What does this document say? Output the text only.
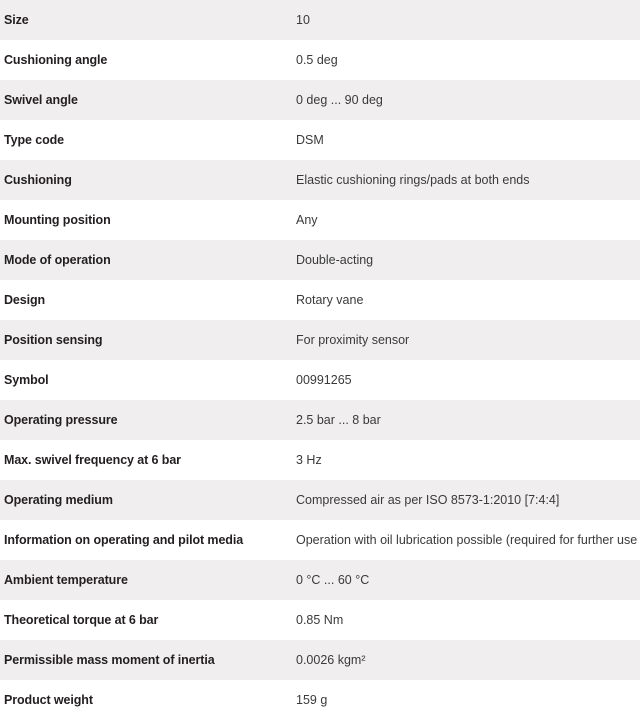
Size	10
Cushioning angle	0.5 deg
Swivel angle	0 deg ... 90 deg
Type code	DSM
Cushioning	Elastic cushioning rings/pads at both ends
Mounting position	Any
Mode of operation	Double-acting
Design	Rotary vane
Position sensing	For proximity sensor
Symbol	00991265
Operating pressure	2.5 bar ... 8 bar
Max. swivel frequency at 6 bar	3 Hz
Operating medium	Compressed air as per ISO 8573-1:2010 [7:4:4]
Information on operating and pilot media	Operation with oil lubrication possible (required for further use
Ambient temperature	0 °C ... 60 °C
Theoretical torque at 6 bar	0.85 Nm
Permissible mass moment of inertia	0.0026 kgm²
Product weight	159 g
